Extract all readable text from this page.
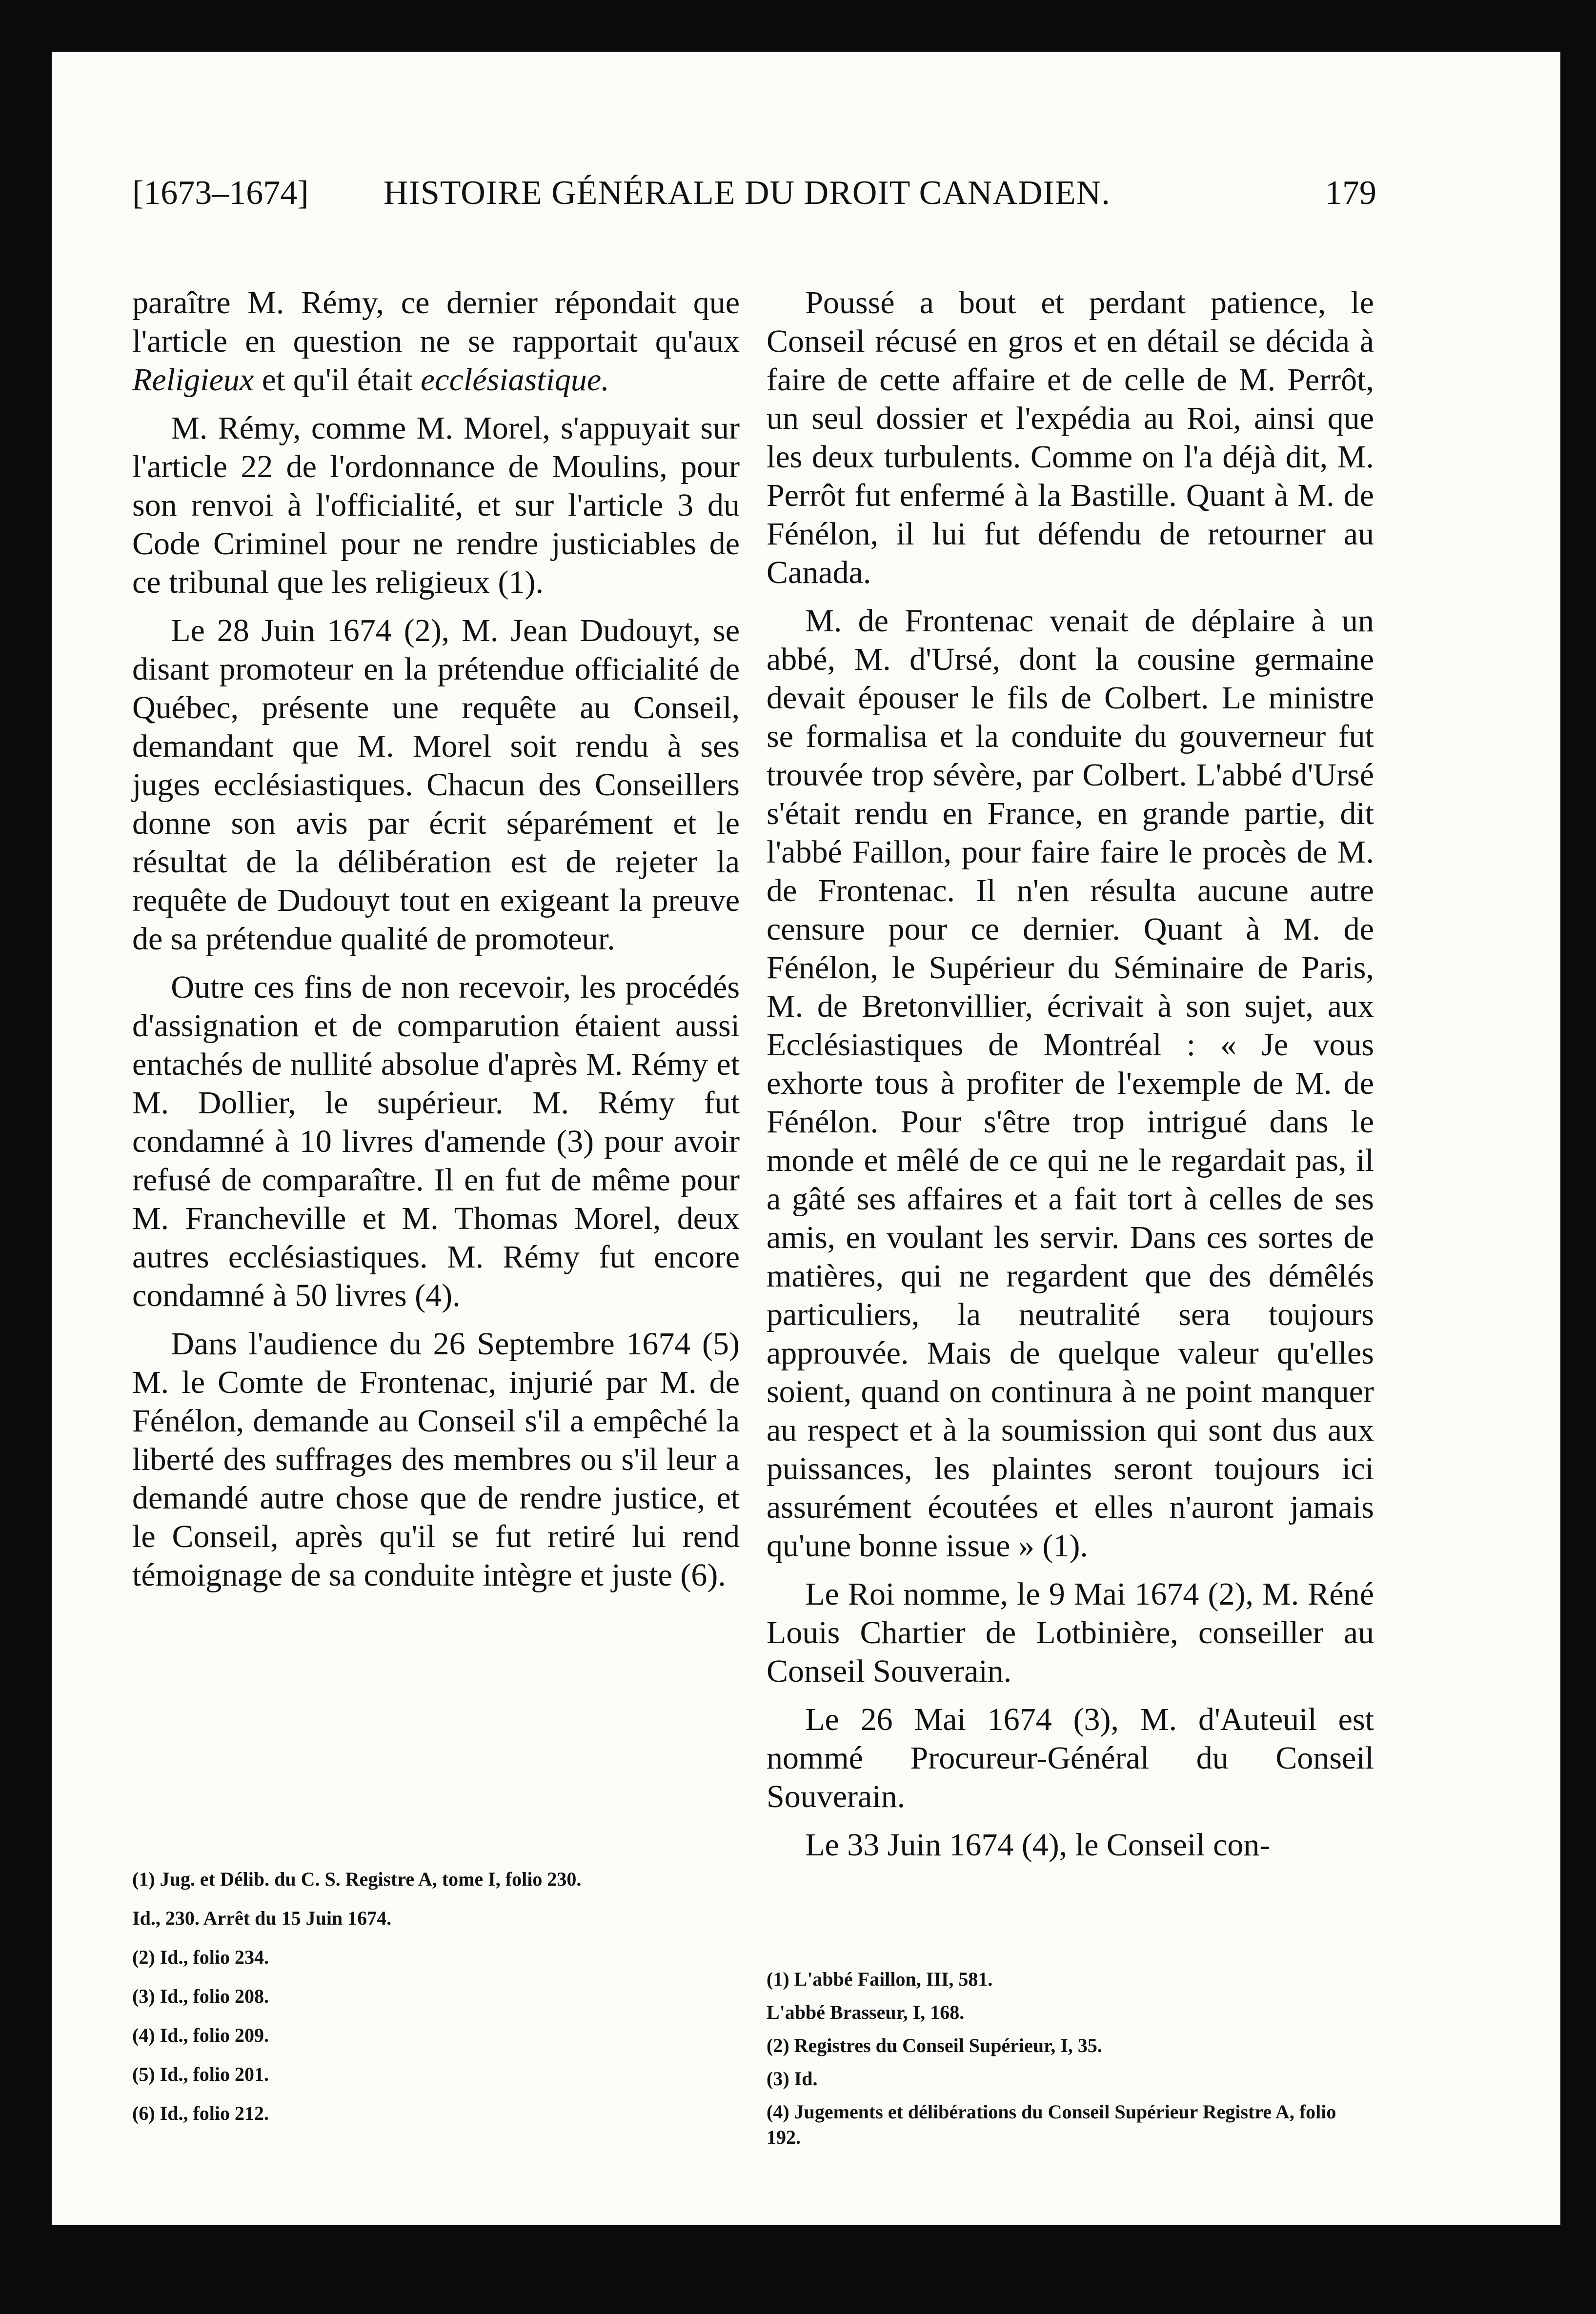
[1673–1674] HISTOIRE GÉNÉRALE DU DROIT CANADIEN.	179

paraître M. Rémy, ce dernier répondait que l'article en question ne se rapportait qu'aux Religieux et qu'il était ecclésiastique.

M. Rémy, comme M. Morel, s'appuyait sur l'article 22 de l'ordonnance de Moulins, pour son renvoi à l'officialité, et sur l'article 3 du Code Criminel pour ne rendre justiciables de ce tribunal que les religieux (1).

Le 28 Juin 1674 (2), M. Jean Dudouyt, se disant promoteur en la prétendue officialité de Québec, présente une requête au Conseil, demandant que M. Morel soit rendu à ses juges ecclésiastiques. Chacun des Conseillers donne son avis par écrit séparément et le résultat de la délibération est de rejeter la requête de Dudouyt tout en exigeant la preuve de sa prétendue qualité de promoteur.

Outre ces fins de non recevoir, les procédés d'assignation et de comparution étaient aussi entachés de nullité absolue d'après M. Rémy et M. Dollier, le supérieur. M. Rémy fut condamné à 10 livres d'amende (3) pour avoir refusé de comparaître. Il en fut de même pour M. Francheville et M. Thomas Morel, deux autres ecclésiastiques. M. Rémy fut encore condamné à 50 livres (4).

Dans l'audience du 26 Septembre 1674 (5) M. le Comte de Frontenac, injurié par M. de Fénélon, demande au Conseil s'il a empêché la liberté des suffrages des membres ou s'il leur a demandé autre chose que de rendre justice, et le Conseil, après qu'il se fut retiré lui rend témoignage de sa conduite intègre et juste (6).

Poussé a bout et perdant patience, le Conseil récusé en gros et en détail se décida à faire de cette affaire et de celle de M. Perrôt, un seul dossier et l'expédia au Roi, ainsi que les deux turbulents. Comme on l'a déjà dit, M. Perrôt fut enfermé à la Bastille. Quant à M. de Fénélon, il lui fut défendu de retourner au Canada.

M. de Frontenac venait de déplaire à un abbé, M. d'Ursé, dont la cousine germaine devait épouser le fils de Colbert. Le ministre se formalisa et la conduite du gouverneur fut trouvée trop sévère, par Colbert. L'abbé d'Ursé s'était rendu en France, en grande partie, dit l'abbé Faillon, pour faire faire le procès de M. de Frontenac. Il n'en résulta aucune autre censure pour ce dernier. Quant à M. de Fénélon, le Supérieur du Séminaire de Paris, M. de Bretonvillier, écrivait à son sujet, aux Ecclésiastiques de Montréal : « Je vous exhorte tous à profiter de l'exemple de M. de Fénélon. Pour s'être trop intrigué dans le monde et mêlé de ce qui ne le regardait pas, il a gâté ses affaires et a fait tort à celles de ses amis, en voulant les servir. Dans ces sortes de matières, qui ne regardent que des démêlés particuliers, la neutralité sera toujours approuvée. Mais de quelque valeur qu'elles soient, quand on continura à ne point manquer au respect et à la soumission qui sont dus aux puissances, les plaintes seront toujours ici assurément écoutées et elles n'auront jamais qu'une bonne issue » (1).

Le Roi nomme, le 9 Mai 1674 (2), M. Réné Louis Chartier de Lotbinière, conseiller au Conseil Souverain.

Le 26 Mai 1674 (3), M. d'Auteuil est nommé Procureur-Général du Conseil Souverain.

Le 33 Juin 1674 (4), le Conseil con-

(1) Jug. et Délib. du C. S. Registre A, tome I, folio 230.
Id., 230. Arrêt du 15 Juin 1674.
(2) Id., folio 234.
(3) Id., folio 208.
(4) Id., folio 209.
(5) Id., folio 201.
(6) Id., folio 212.
(1) L'abbé Faillon, III, 581.
L'abbé Brasseur, I, 168.
(2) Registres du Conseil Supérieur, I, 35.
(3) Id.
(4) Jugements et délibérations du Conseil Supérieur Registre A, folio 192.
